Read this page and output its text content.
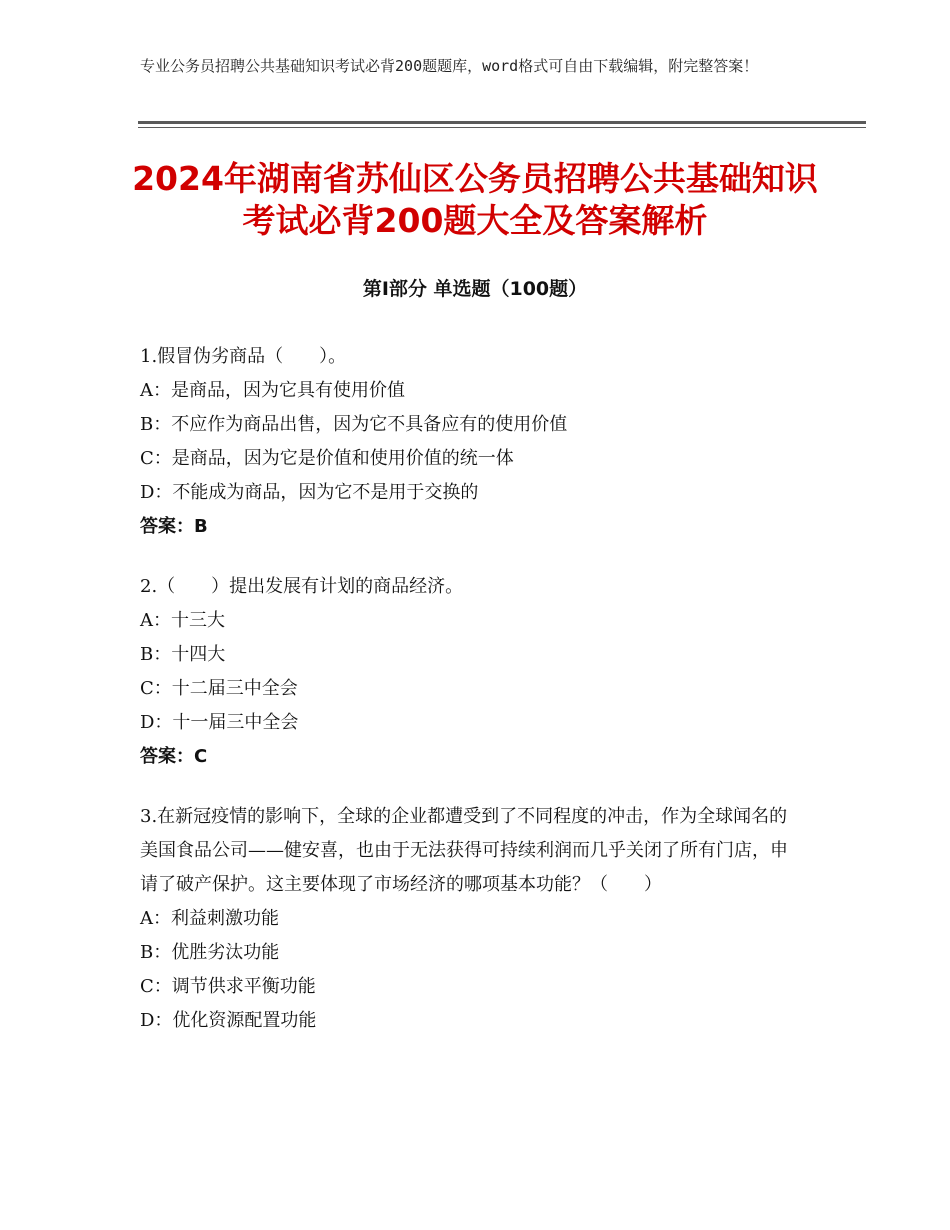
专业公务员招聘公共基础知识考试必背200题题库，word格式可自由下载编辑，附完整答案！
2024年湖南省苏仙区公务员招聘公共基础知识考试必背200题大全及答案解析
第Ⅰ部分 单选题（100题）
1.假冒伪劣商品（　　）。
A：是商品，因为它具有使用价值
B：不应作为商品出售，因为它不具备应有的使用价值
C：是商品，因为它是价值和使用价值的统一体
D：不能成为商品，因为它不是用于交换的
答案：B
2.（　　）提出发展有计划的商品经济。
A：十三大
B：十四大
C：十二届三中全会
D：十一届三中全会
答案：C
3.在新冠疫情的影响下，全球的企业都遭受到了不同程度的冲击，作为全球闻名的美国食品公司——健安喜，也由于无法获得可持续利润而几乎关闭了所有门店，申请了破产保护。这主要体现了市场经济的哪项基本功能？（　　）
A：利益刺激功能
B：优胜劣汰功能
C：调节供求平衡功能
D：优化资源配置功能
